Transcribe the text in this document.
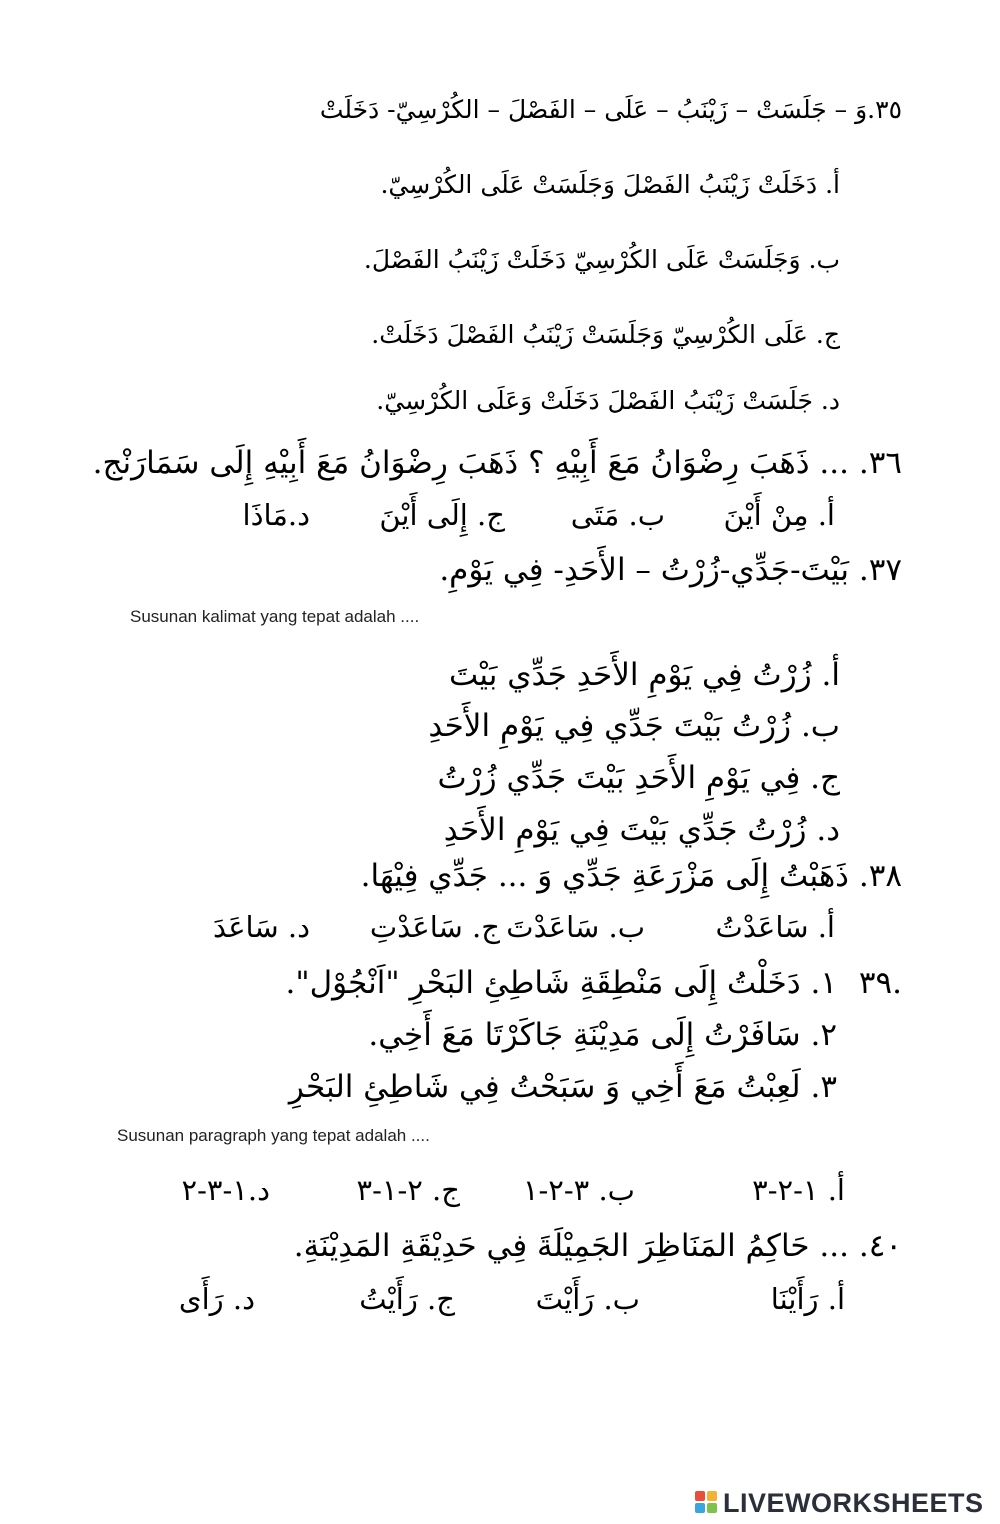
٣٥.وَ – جَلَسَتْ – زَيْنَبُ – عَلَى – الفَصْلَ – الكُرْسِيّ- دَخَلَتْ
أ. دَخَلَتْ زَيْنَبُ الفَصْلَ وَجَلَسَتْ عَلَى الكُرْسِيّ.
ب. وَجَلَسَتْ عَلَى الكُرْسِيّ دَخَلَتْ زَيْنَبُ الفَصْلَ.
ج. عَلَى الكُرْسِيّ وَجَلَسَتْ زَيْنَبُ الفَصْلَ دَخَلَتْ.
د. جَلَسَتْ زَيْنَبُ الفَصْلَ دَخَلَتْ وَعَلَى الكُرْسِيّ.
٣٦. ... ذَهَبَ رِضْوَانُ مَعَ أَبِيْهِ ؟ ذَهَبَ رِضْوَانُ مَعَ أَبِيْهِ إِلَى سَمَارَنْج.
أ. مِنْ أَيْنَ
ب. مَتَى
ج. إِلَى أَيْنَ
د.مَاذَا
٣٧. بَيْتَ-جَدِّي-زُرْتُ – الأَحَدِ- فِي يَوْمِ.
Susunan kalimat yang tepat adalah ....
أ. زُرْتُ فِي يَوْمِ الأَحَدِ جَدِّي بَيْتَ
ب. زُرْتُ بَيْتَ جَدِّي فِي يَوْمِ الأَحَدِ
ج. فِي يَوْمِ الأَحَدِ بَيْتَ جَدِّي زُرْتُ
د. زُرْتُ جَدِّي بَيْتَ فِي يَوْمِ الأَحَدِ
٣٨. ذَهَبْتُ إِلَى مَزْرَعَةِ جَدِّي وَ ... جَدِّي فِيْهَا.
أ. سَاعَدْتُ
ب. سَاعَدْتَ
ج. سَاعَدْتِ
د. سَاعَدَ
٣٩.
١. دَخَلْتُ إِلَى مَنْطِقَةِ شَاطِئِ البَحْرِ "اَنْجُوْل".
٢. سَافَرْتُ إِلَى مَدِيْنَةِ جَاكَرْتَا مَعَ أَخِي.
٣. لَعِبْتُ مَعَ أَخِي وَ سَبَحْتُ فِي شَاطِئِ البَحْرِ
Susunan paragraph yang tepat adalah ....
أ. ١-٢-٣
ب. ٣-٢-١
ج. ٢-١-٣
د.١-٣-٢
٤٠. ... حَاكِمُ المَنَاظِرَ الجَمِيْلَةَ فِي حَدِيْقَةِ المَدِيْنَةِ.
أ. رَأَيْنَا
ب. رَأَيْتَ
ج. رَأَيْتُ
د. رَأَى
LIVEWORKSHEETS
